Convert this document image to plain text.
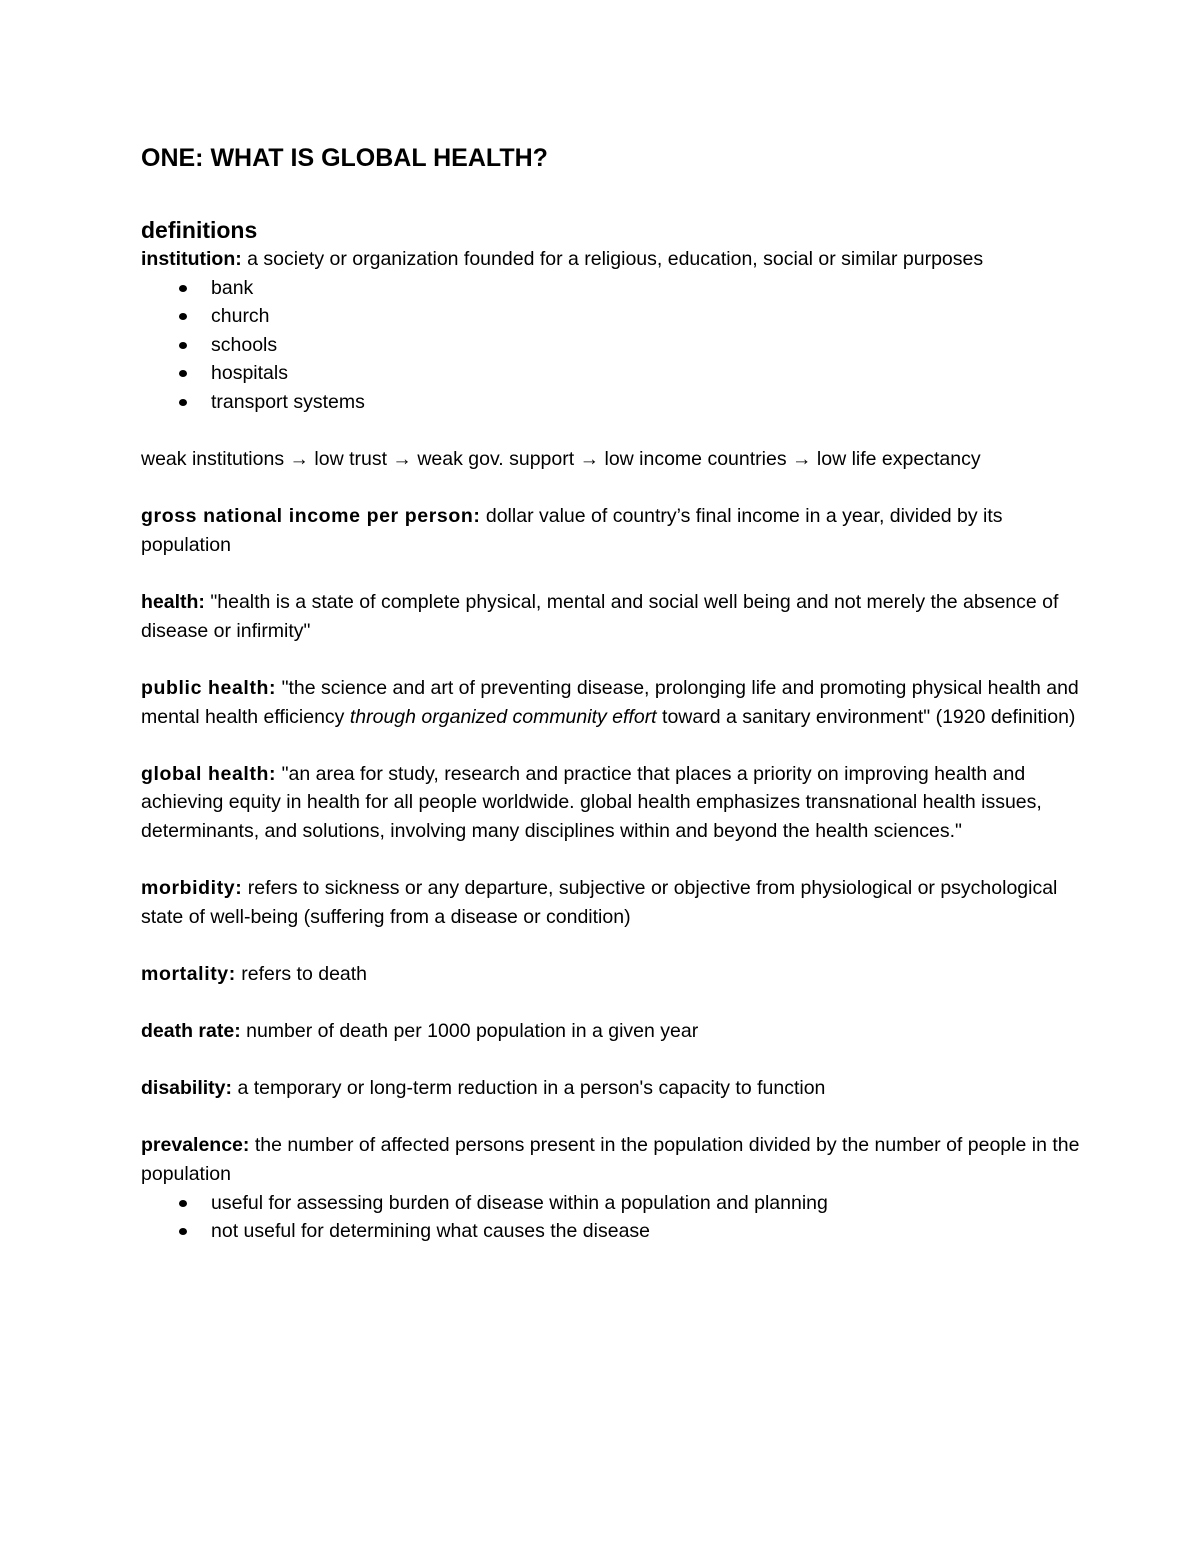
ONE: WHAT IS GLOBAL HEALTH?
definitions

institution: a society or organization founded for a religious, education, social or similar purposes

bank
church
schools
hospitals
transport systems

weak institutions → low trust → weak gov. support → low income countries → low life expectancy

gross national income per person: dollar value of country’s final income in a year, divided by its population

health: "health is a state of complete physical, mental and social well being and not merely the absence of disease or infirmity"

public health: "the science and art of preventing disease, prolonging life and promoting physical health and mental health efficiency through organized community effort toward a sanitary environment" (1920 definition)

global health: "an area for study, research and practice that places a priority on improving health and achieving equity in health for all people worldwide. global health emphasizes transnational health issues, determinants, and solutions, involving many disciplines within and beyond the health sciences."

morbidity: refers to sickness or any departure, subjective or objective from physiological or psychological state of well-being (suffering from a disease or condition)

mortality: refers to death

death rate: number of death per 1000 population in a given year

disability: a temporary or long-term reduction in a person's capacity to function

prevalence: the number of affected persons present in the population divided by the number of people in the population

useful for assessing burden of disease within a population and planning
not useful for determining what causes the disease
